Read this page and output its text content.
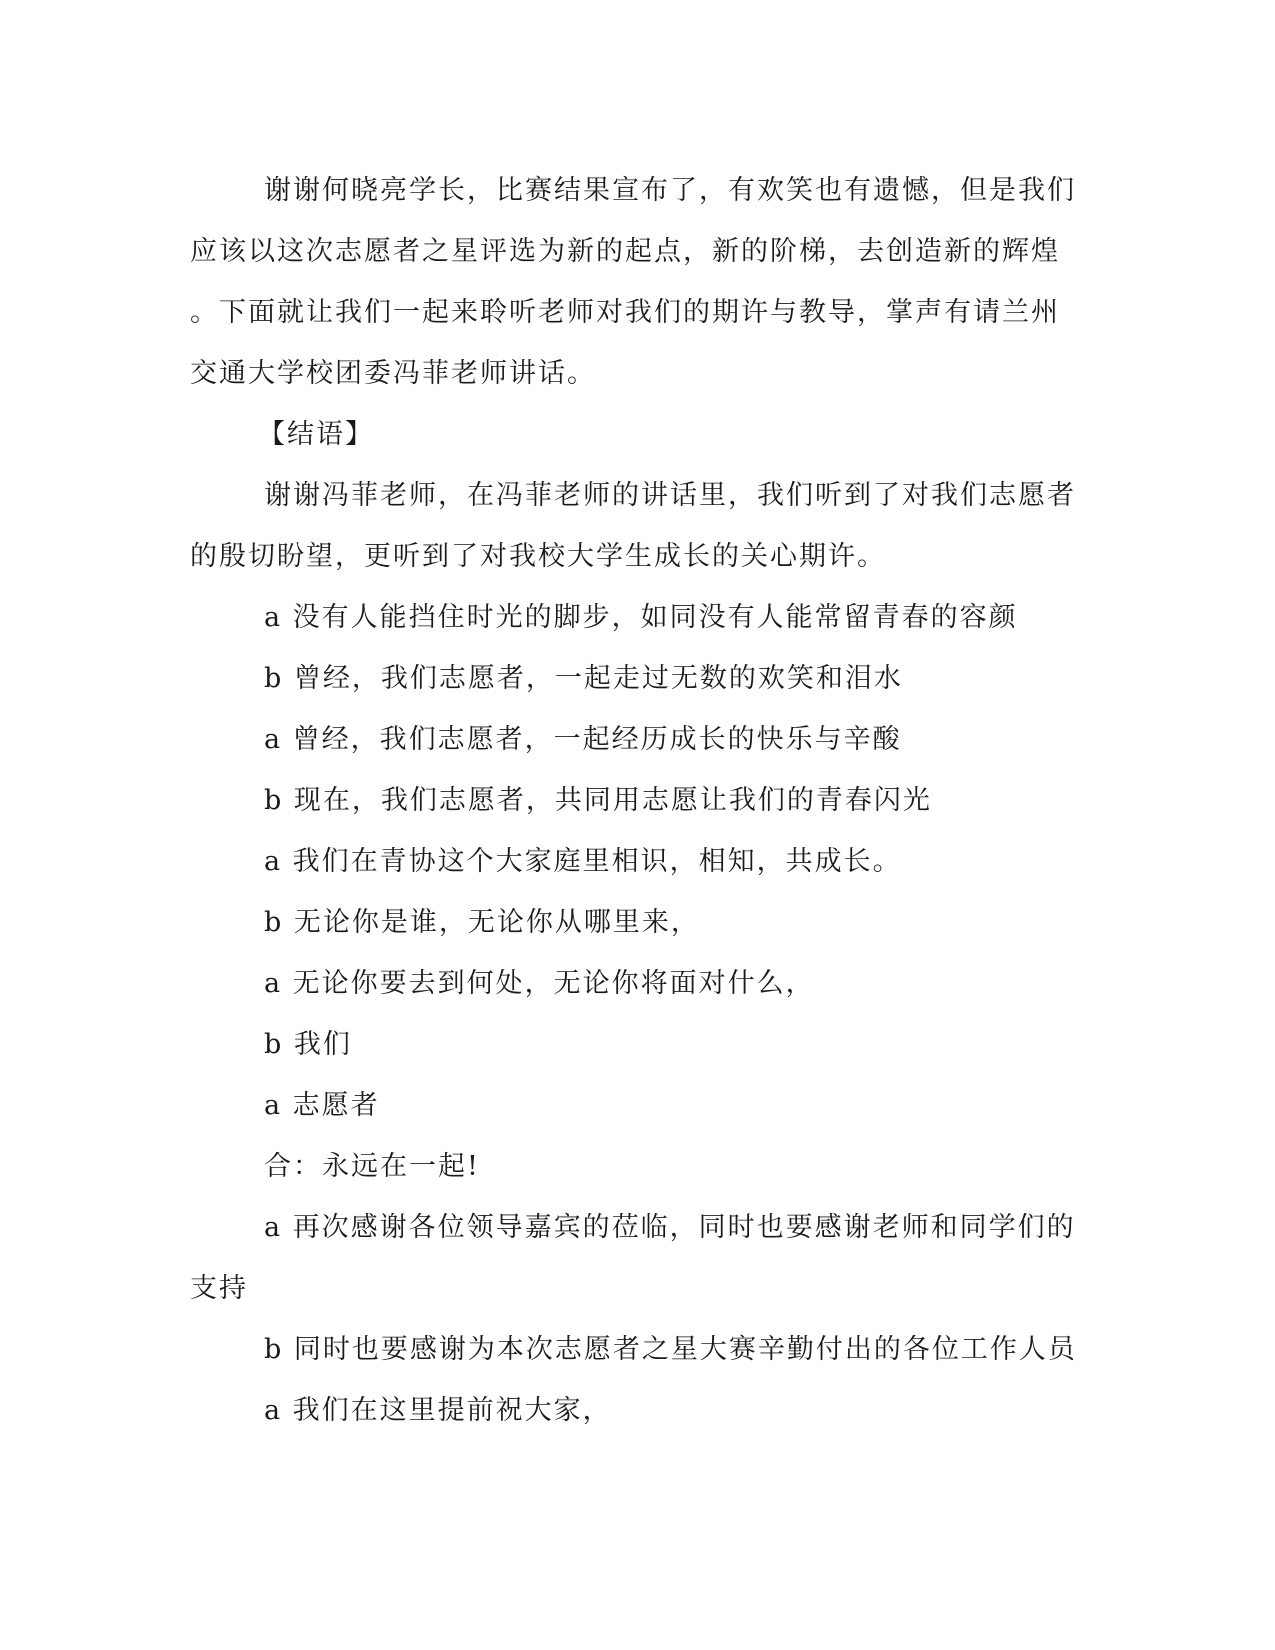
谢谢何晓亮学长，比赛结果宣布了，有欢笑也有遗憾，但是我们
应该以这次志愿者之星评选为新的起点，新的阶梯，去创造新的辉煌
。下面就让我们一起来聆听老师对我们的期许与教导，掌声有请兰州
交通大学校团委冯菲老师讲话。
【结语】
谢谢冯菲老师，在冯菲老师的讲话里，我们听到了对我们志愿者
的殷切盼望，更听到了对我校大学生成长的关心期许。
a 没有人能挡住时光的脚步，如同没有人能常留青春的容颜
b 曾经，我们志愿者，一起走过无数的欢笑和泪水
a 曾经，我们志愿者，一起经历成长的快乐与辛酸
b 现在，我们志愿者，共同用志愿让我们的青春闪光
a 我们在青协这个大家庭里相识，相知，共成长。
b 无论你是谁，无论你从哪里来，
a 无论你要去到何处，无论你将面对什么，
b 我们
a 志愿者
合：永远在一起!
a 再次感谢各位领导嘉宾的莅临，同时也要感谢老师和同学们的
支持
b 同时也要感谢为本次志愿者之星大赛辛勤付出的各位工作人员
a 我们在这里提前祝大家，
